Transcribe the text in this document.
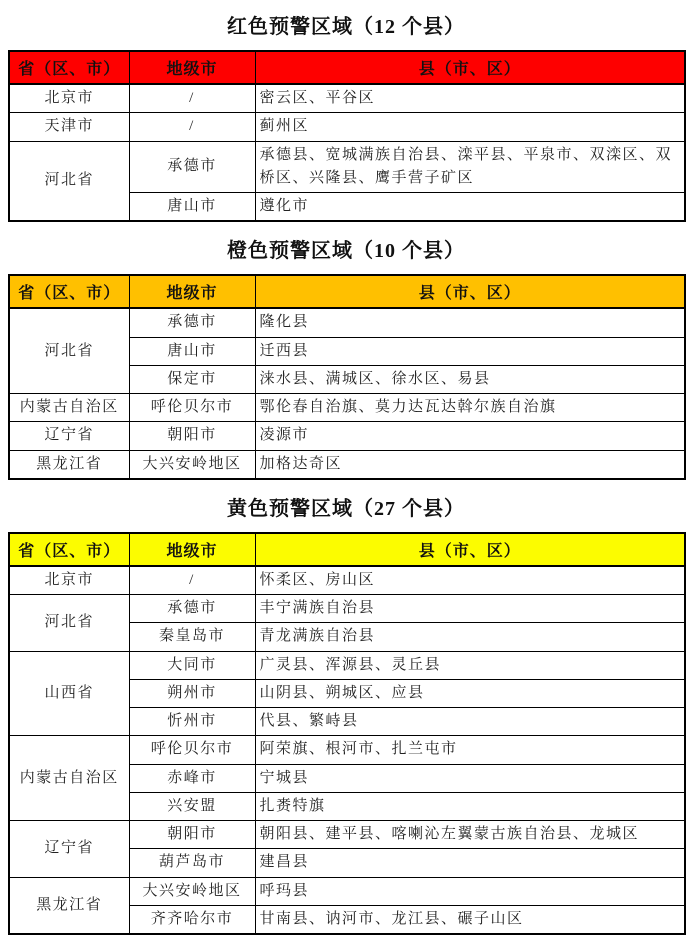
红色预警区域（12 个县）
省（区、市）	地级市	县（市、区）
北京市	/	密云区、平谷区
天津市	/	蓟州区
河北省	承德市	承德县、宽城满族自治县、滦平县、平泉市、双滦区、双桥区、兴隆县、鹰手营子矿区
	唐山市	遵化市
橙色预警区域（10 个县）
省（区、市）	地级市	县（市、区）
河北省	承德市	隆化县
	唐山市	迁西县
	保定市	涞水县、满城区、徐水区、易县
内蒙古自治区	呼伦贝尔市	鄂伦春自治旗、莫力达瓦达斡尔族自治旗
辽宁省	朝阳市	凌源市
黑龙江省	大兴安岭地区	加格达奇区
黄色预警区域（27 个县）
省（区、市）	地级市	县（市、区）
北京市	/	怀柔区、房山区
河北省	承德市	丰宁满族自治县
	秦皇岛市	青龙满族自治县
山西省	大同市	广灵县、浑源县、灵丘县
	朔州市	山阴县、朔城区、应县
	忻州市	代县、繁峙县
内蒙古自治区	呼伦贝尔市	阿荣旗、根河市、扎兰屯市
	赤峰市	宁城县
	兴安盟	扎赉特旗
辽宁省	朝阳市	朝阳县、建平县、喀喇沁左翼蒙古族自治县、龙城区
	葫芦岛市	建昌县
黑龙江省	大兴安岭地区	呼玛县
	齐齐哈尔市	甘南县、讷河市、龙江县、碾子山区
